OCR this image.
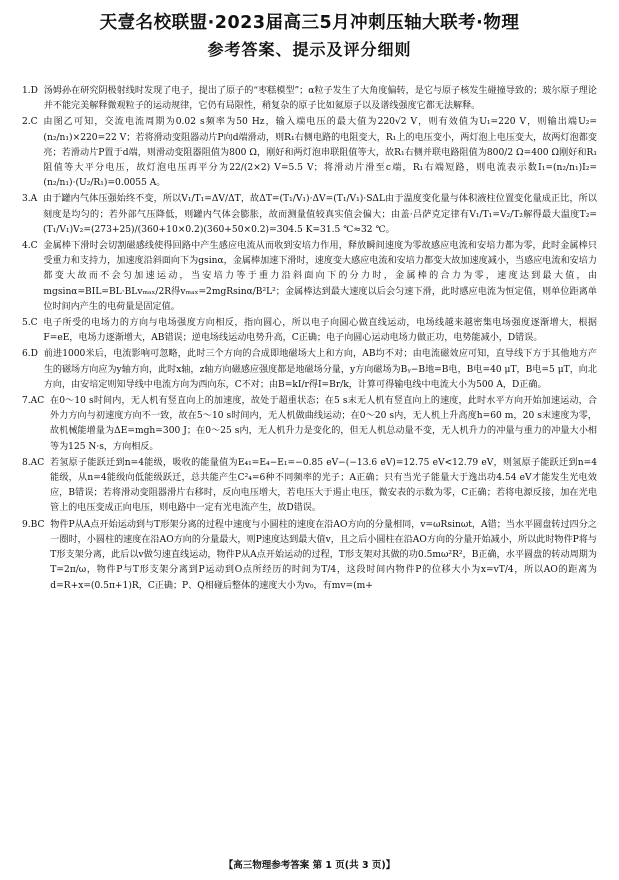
天壹名校联盟·2023届高三5月冲刺压轴大联考·物理
参考答案、提示及评分细则
1.D 汤姆孙在研究阴极射线时发现了电子，提出了原子的“枣糕模型”；α粒子发生了大角度偏转，是它与原子核发生碰撞导致的；玻尔原子理论并不能完美解释微观粒子的运动规律，它仍有局限性，稍复杂的原子比如氦原子以及谱线强度它都无法解释。
2.C 由图乙可知，交流电流周期为0.02 s频率为50 Hz，输入端电压的最大值为220√2 V，则有效值为U₁=220 V，则输出端U₂=(n₂/n₁)×220=22 V；若将滑动变阻器动片P向d端滑动，则R₁右侧电路的电阻变大，R₁上的电压变小，两灯泡上电压变大，故两灯泡都变亮；若滑动片P置于d端，则滑动变阻器阻值为800 Ω，刚好和两灯泡串联阻值等大，故R₁右侧并联电路阻值为800/2 Ω=400 Ω刚好和R₁阻值等大平分电压，故灯泡电压再平分为22/(2×2) V=5.5 V；将滑动片滑至c端，R₁右端短路，则电流表示数I₁=(n₂/n₁)I₂=(n₂/n₁)·(U₂/R₁)=0.0055 A。
3.A 由于罐内气体压强始终不变，所以V₁/T₁=ΔV/ΔT，故ΔT=(T₁/V₁)·ΔV=(T₁/V₁)·SΔL由于温度变化量与体积液柱位置变化量成正比，所以刻度是均匀的；若外部气压降低，则罐内气体会膨胀，故而测量值较真实值会偏大；由盖·吕萨克定律有V₁/T₁=V₂/T₂解得最大温度T₂=(T₁/V₁)V₂=(273+25)/(360+10×0.2)(360+50×0.2)=304.5 K=31.5 ℃≈32 ℃。
4.C 金属棒下滑时会切割磁感线使得回路中产生感应电流从而收到安培力作用，释放瞬间速度为零故感应电流和安培力都为零，此时金属棒只受重力和支持力，加速度沿斜面向下为gsinα，金属棒加速下滑时，速度变大感应电流和安培力都变大故加速度减小，当感应电流和安培力都变大故而不会匀加速运动，当安培力等于重力沿斜面向下的分力时，金属棒的合力为零，速度达到最大值，由mgsinα=BIL=BL·BLvₘₐₓ/2R得vₘₐₓ=2mgRsinα/B²L²；金属棒达到最大速度以后会匀速下滑，此时感应电流为恒定值，则单位距离单位时间内产生的电荷量是固定值。
5.C 电子所受的电场力的方向与电场强度方向相反，指向圆心，所以电子向圆心做直线运动，电场线越来越密集电场强度逐渐增大，根据F=eE，电场力逐渐增大，AB错误；逆电场线运动电势升高，C正确；电子向圆心运动电场力做正功，电势能减小，D错误。
6.D 前进1000米后，电流影响可忽略，此时三个方向的合成即地磁场大上和方向，AB均不对；由电流磁效应可知，直导线下方于其他地方产生的磁场方向应为y轴方向，此时x轴，z轴方向磁感应强度都是地磁场分量，y方向磁场为Bᵧ−B地=B电，B电=40 μT，B电=5 μT，向北方向，由安培定则知导线中电流方向为西向东，C不对；由B=kI/r得I=Br/k，计算可得输电线中电流大小为500 A，D正确。
7.AC 在0～10 s时间内，无人机有竖直向上的加速度，故处于超重状态；在5 s末无人机有竖直向上的速度，此时水平方向开始加速运动，合外力方向与初速度方向不一致，故在5～10 s时间内，无人机做曲线运动；在0～20 s内，无人机上升高度h=60 m，20 s末速度为零，故机械能增量为ΔE=mgh=300 J；在0～25 s内，无人机升力是变化的，但无人机总动量不变，无人机升力的冲量与重力的冲量大小相等为125 N·s，方向相反。
8.AC 若氢原子能跃迁到n=4能级，吸收的能量值为E₄₁=E₄−E₁=−0.85 eV−(−13.6 eV)=12.75 eV<12.79 eV，则氢原子能跃迁到n=4能级，从n=4能级向低能级跃迁，总共能产生C²₄=6种不同频率的光子；A正确；只有当光子能量大于逸出功4.54 eV才能发生光电效应，B错误；若将滑动变阻器滑片右移时，反向电压增大，若电压大于遏止电压，微安表的示数为零，C正确；若将电源反接，加在光电管上的电压变成正向电压，则电路中一定有光电流产生，故D错误。
9.BC 物件P从A点开始运动到与T形架分离的过程中速度与小圆柱的速度在沿AO方向的分量相同，v=ωRsinωt，A错；当水平圆盘转过四分之一圈时，小圆柱的速度在沿AO方向的分量最大，则P速度达到最大值v，且之后小圆柱在沿AO方向的分量开始减小，所以此时物件P将与T形支架分离，此后以v做匀速直线运动，物件P从A点开始运动的过程，T形支架对其做的功0.5mω²R²，B正确，水平圆盘的转动周期为T=2π/ω，物件P与T形支架分离到P运动到O点所经历的时间为T/4，这段时间内物件P的位移大小为x=vT/4，所以AO的距离为d=R+x=(0.5π+1)R，C正确；P、Q相碰后整体的速度大小为v₀，有mv=(m+
【高三物理参考答案 第 1 页(共 3 页)】
